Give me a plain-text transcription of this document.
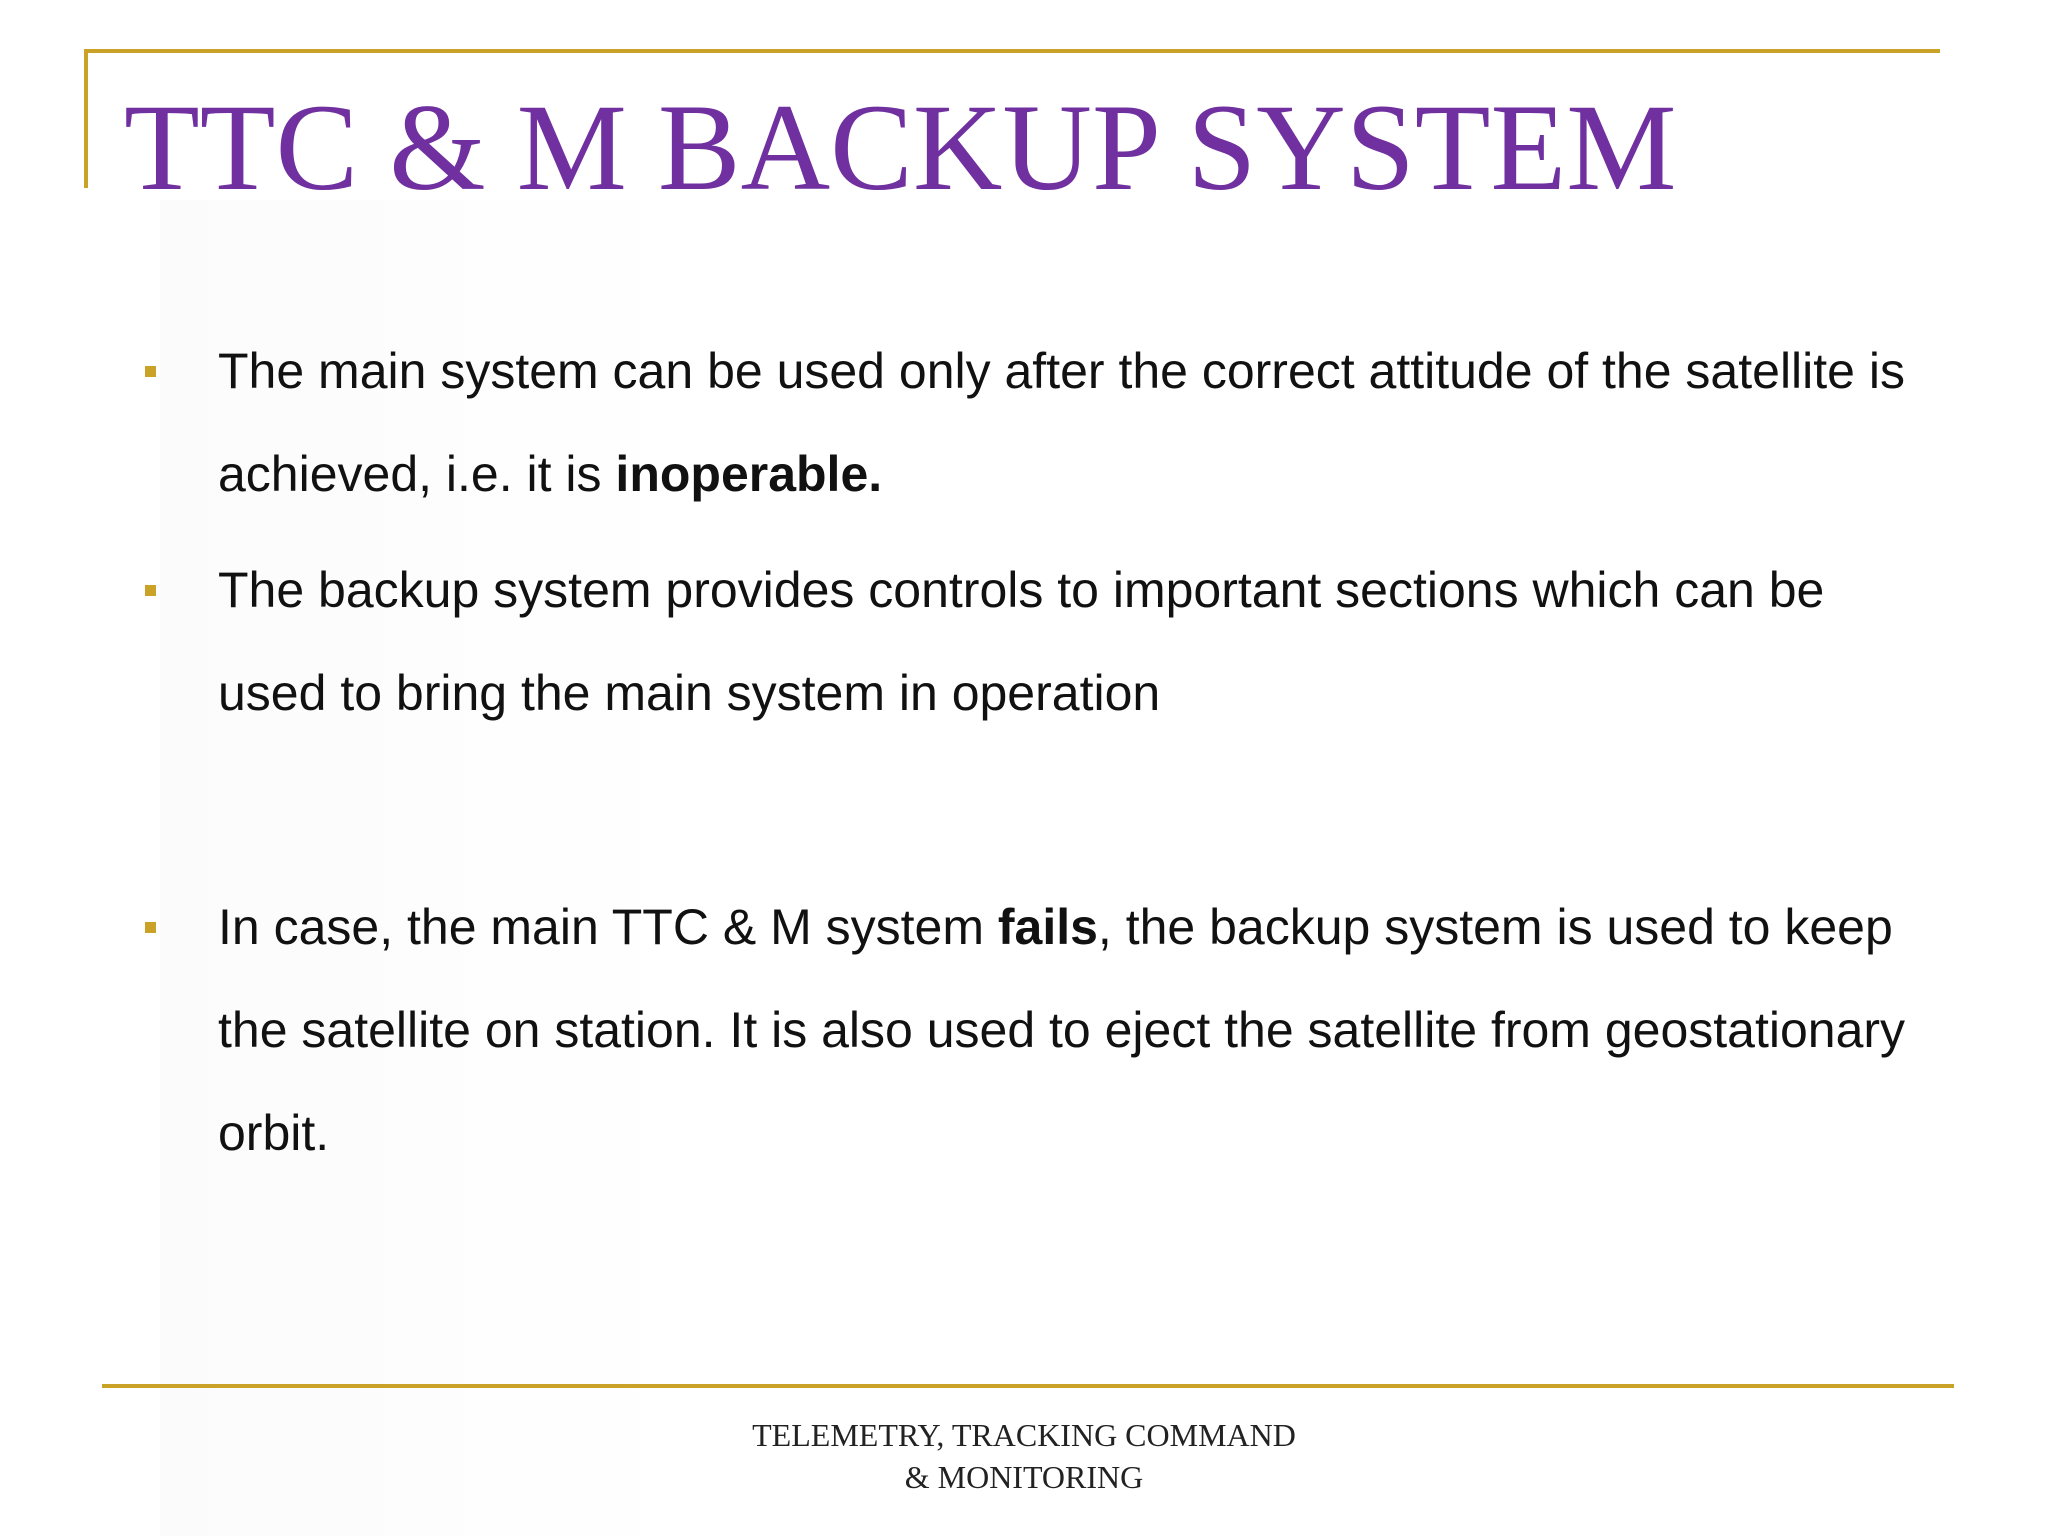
TTC & M BACKUP SYSTEM

The main system can be used only after the correct attitude of the satellite is achieved, i.e. it is inoperable.

The backup system provides controls to important sections which can be used to bring the main system in operation

In case, the main TTC & M system fails, the backup system is used to keep the satellite on station. It is also used to eject the satellite from geostationary orbit.

TELEMETRY, TRACKING COMMAND
& MONITORING
